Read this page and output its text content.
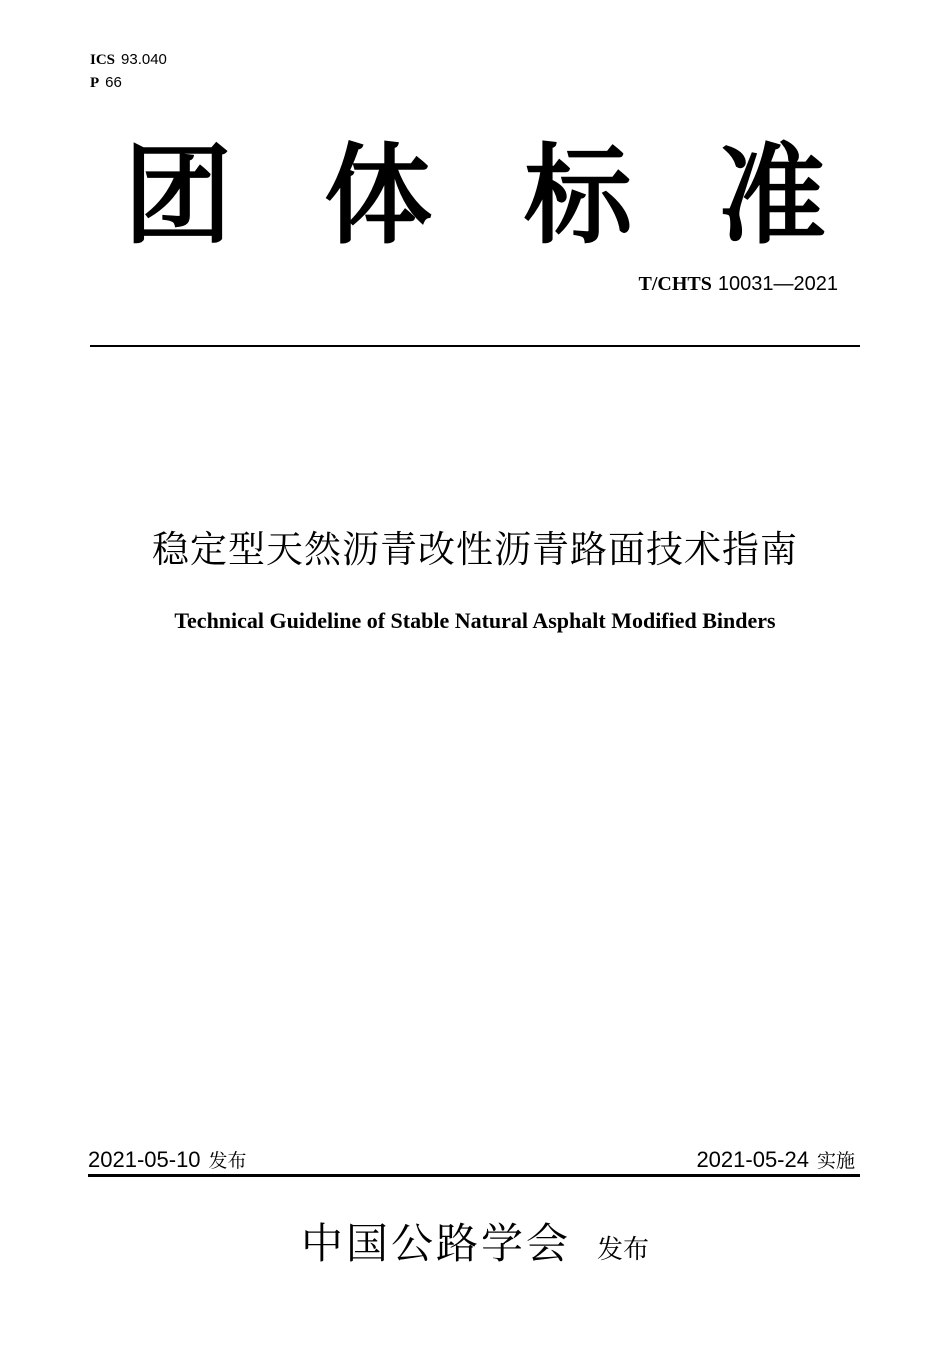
ICS 93.040
P 66
团 体 标 准
T/CHTS 10031—2021
稳定型天然沥青改性沥青路面技术指南
Technical Guideline of Stable Natural Asphalt Modified Binders
2021-05-10 发布	2021-05-24 实施
中国公路学会 发布
